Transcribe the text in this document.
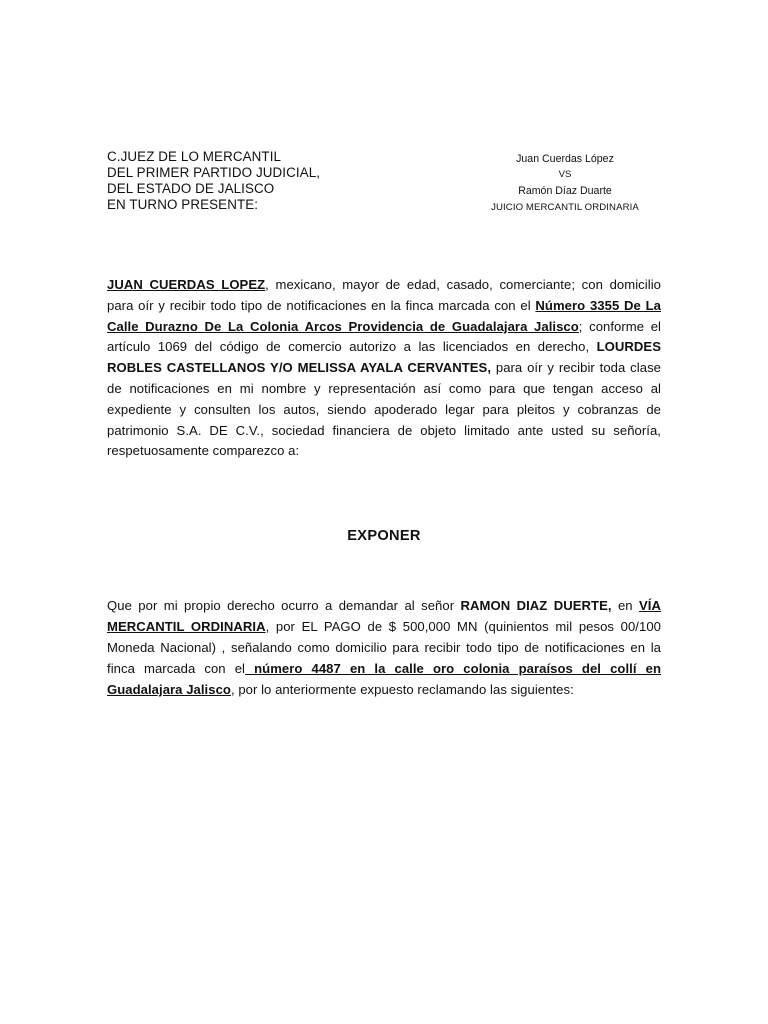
C.JUEZ DE LO MERCANTIL
DEL PRIMER PARTIDO JUDICIAL,
DEL ESTADO DE JALISCO
EN TURNO PRESENTE:
Juan Cuerdas López
VS
Ramón Díaz Duarte
JUICIO MERCANTIL ORDINARIA
JUAN CUERDAS LOPEZ, mexicano, mayor de edad, casado, comerciante; con domicilio para oír y recibir todo tipo de notificaciones en la finca marcada con el Número 3355 De La Calle Durazno De La Colonia Arcos Providencia de Guadalajara Jalisco; conforme el artículo 1069 del código de comercio autorizo a las licenciados en derecho, LOURDES ROBLES CASTELLANOS Y/O MELISSA AYALA CERVANTES, para oír y recibir toda clase de notificaciones en mi nombre y representación así como para que tengan acceso al expediente y consulten los autos, siendo apoderado legar para pleitos y cobranzas de patrimonio S.A. DE C.V., sociedad financiera de objeto limitado ante usted su señoría, respetuosamente comparezco a:
EXPONER
Que por mi propio derecho ocurro a demandar al señor RAMON DIAZ DUERTE, en VÍA MERCANTIL ORDINARIA, por EL PAGO de $ 500,000 MN (quinientos mil pesos 00/100 Moneda Nacional) , señalando como domicilio para recibir todo tipo de notificaciones en la finca marcada con el número 4487 en la calle oro colonia paraísos del collí en Guadalajara Jalisco, por lo anteriormente expuesto reclamando las siguientes:
